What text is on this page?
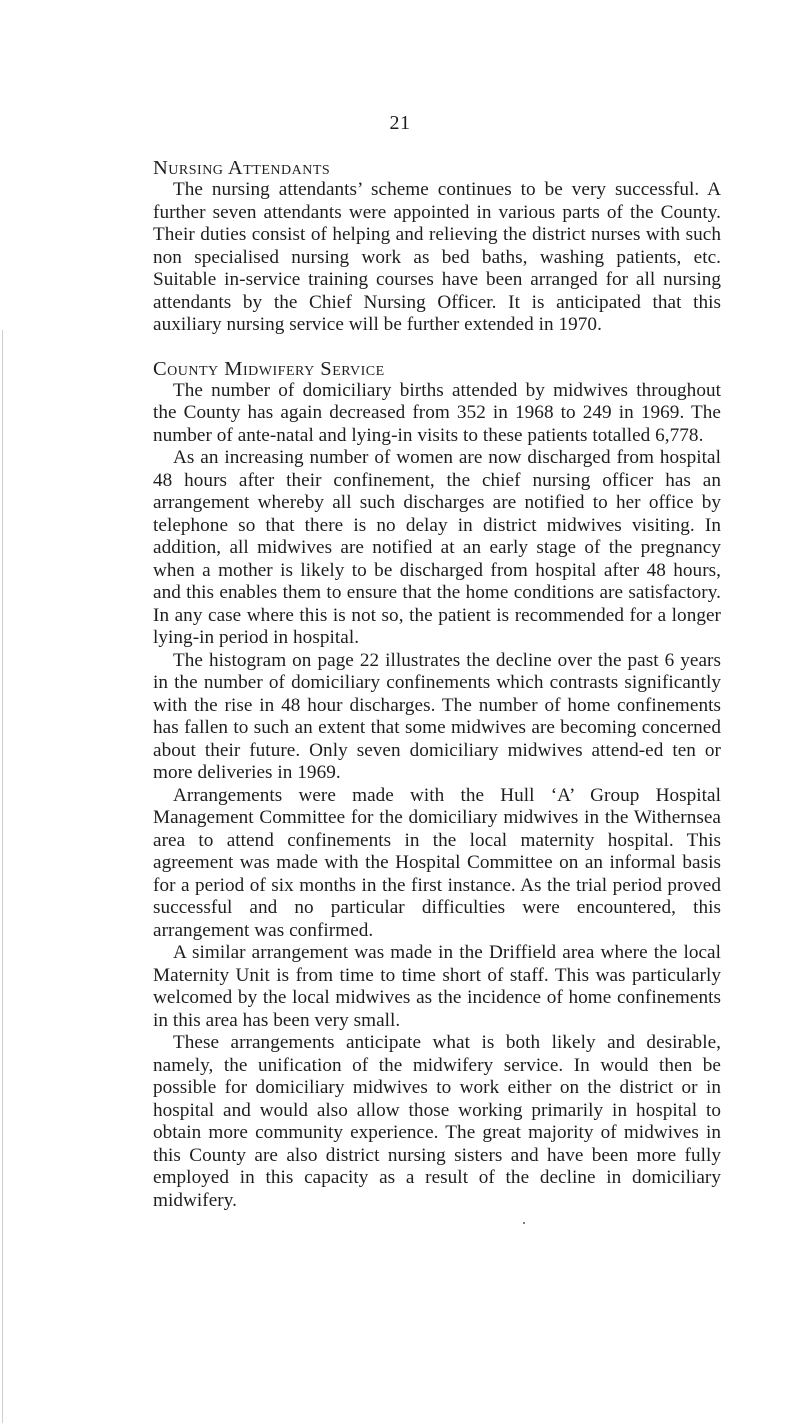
21
Nursing Attendants

The nursing attendants’ scheme continues to be very successful. A further seven attendants were appointed in various parts of the County. Their duties consist of helping and relieving the district nurses with such non specialised nursing work as bed baths, washing patients, etc. Suitable in-service training courses have been arranged for all nursing attendants by the Chief Nursing Officer. It is anticipated that this auxiliary nursing service will be further extended in 1970.

County Midwifery Service

The number of domiciliary births attended by midwives throughout the County has again decreased from 352 in 1968 to 249 in 1969. The number of ante-natal and lying-in visits to these patients totalled 6,778.

As an increasing number of women are now discharged from hospital 48 hours after their confinement, the chief nursing officer has an arrangement whereby all such discharges are notified to her office by telephone so that there is no delay in district midwives visiting. In addition, all midwives are notified at an early stage of the pregnancy when a mother is likely to be discharged from hospital after 48 hours, and this enables them to ensure that the home conditions are satisfactory. In any case where this is not so, the patient is recommended for a longer lying-in period in hospital.

The histogram on page 22 illustrates the decline over the past 6 years in the number of domiciliary confinements which contrasts significantly with the rise in 48 hour discharges. The number of home confinements has fallen to such an extent that some midwives are becoming concerned about their future. Only seven domiciliary midwives attend-ed ten or more deliveries in 1969.

Arrangements were made with the Hull ‘A’ Group Hospital Management Committee for the domiciliary midwives in the Withernsea area to attend confinements in the local maternity hospital. This agreement was made with the Hospital Committee on an informal basis for a period of six months in the first instance. As the trial period proved successful and no particular difficulties were encountered, this arrangement was confirmed.

A similar arrangement was made in the Driffield area where the local Maternity Unit is from time to time short of staff. This was particularly welcomed by the local midwives as the incidence of home confinements in this area has been very small.

These arrangements anticipate what is both likely and desirable, namely, the unification of the midwifery service. In would then be possible for domiciliary midwives to work either on the district or in hospital and would also allow those working primarily in hospital to obtain more community experience. The great majority of midwives in this County are also district nursing sisters and have been more fully employed in this capacity as a result of the decline in domiciliary midwifery.
